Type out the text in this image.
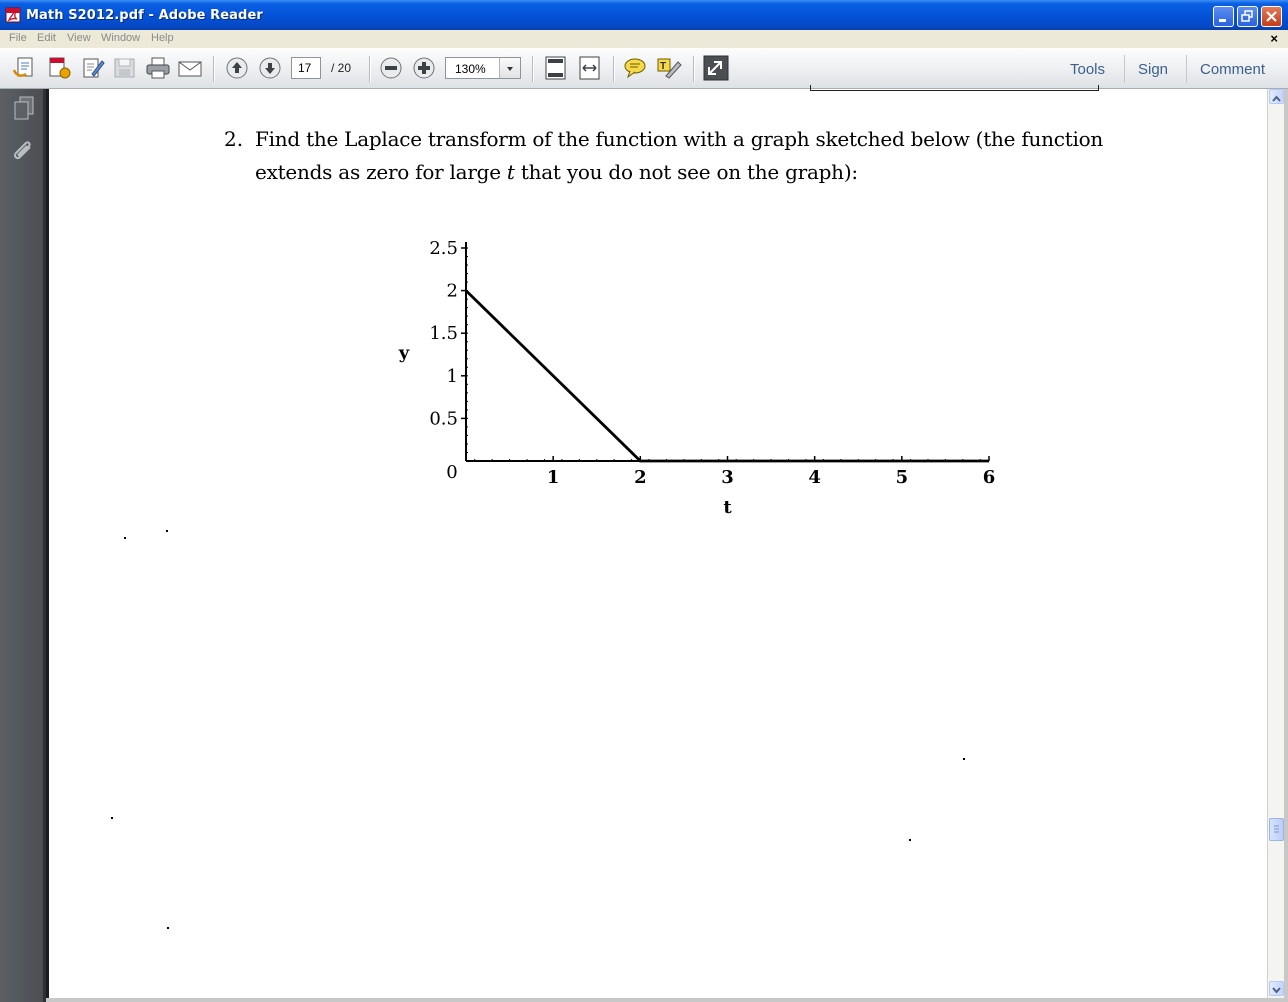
Math S2012.pdf - Adobe Reader
File Edit View Window Help	×
T
17	/ 20	130%	Tools Sign Comment
2. Find the Laplace transform of the function with a graph sketched below (the function
extends as zero for large t that you do not see on the graph):
1	2	3	4	5	6
0.5
1
1.5
2
2.5
0
y
t
